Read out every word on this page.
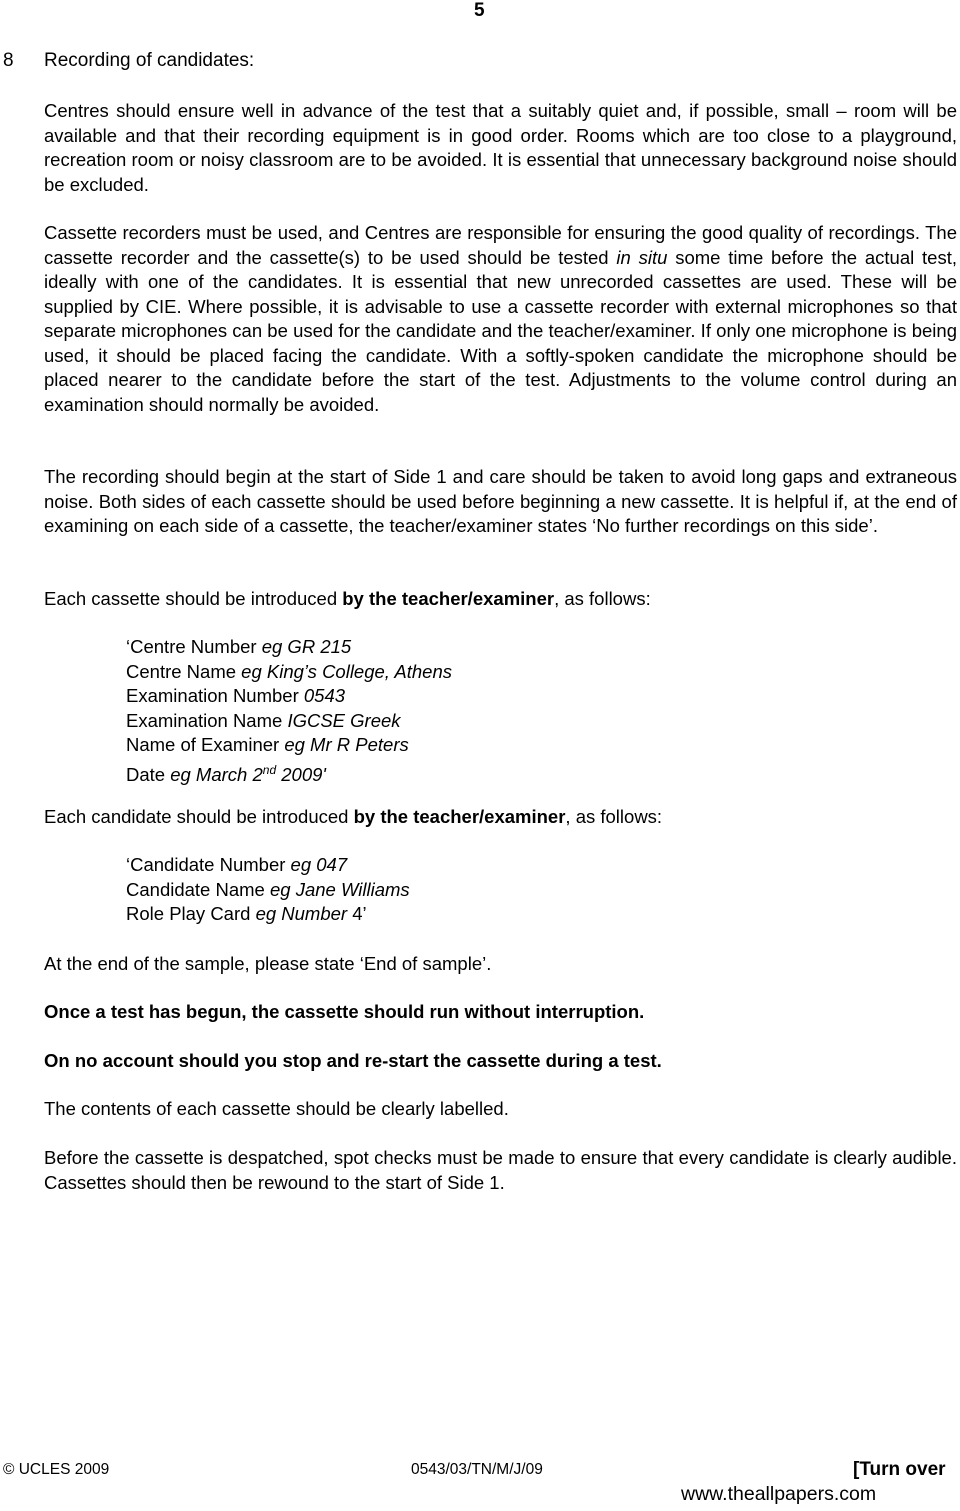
5
8 Recording of candidates:

Centres should ensure well in advance of the test that a suitably quiet and, if possible, small – room will be available and that their recording equipment is in good order. Rooms which are too close to a playground, recreation room or noisy classroom are to be avoided. It is essential that unnecessary background noise should be excluded.

Cassette recorders must be used, and Centres are responsible for ensuring the good quality of recordings. The cassette recorder and the cassette(s) to be used should be tested in situ some time before the actual test, ideally with one of the candidates. It is essential that new unrecorded cassettes are used. These will be supplied by CIE. Where possible, it is advisable to use a cassette recorder with external microphones so that separate microphones can be used for the candidate and the teacher/examiner. If only one microphone is being used, it should be placed facing the candidate. With a softly-spoken candidate the microphone should be placed nearer to the candidate before the start of the test. Adjustments to the volume control during an examination should normally be avoided.

The recording should begin at the start of Side 1 and care should be taken to avoid long gaps and extraneous noise. Both sides of each cassette should be used before beginning a new cassette. It is helpful if, at the end of examining on each side of a cassette, the teacher/examiner states ‘No further recordings on this side’.

Each cassette should be introduced by the teacher/examiner, as follows:

‘Centre Number eg GR 215
Centre Name eg King’s College, Athens
Examination Number 0543
Examination Name IGCSE Greek
Name of Examiner eg Mr R Peters
Date eg March 2nd 2009'

Each candidate should be introduced by the teacher/examiner, as follows:

‘Candidate Number eg 047
Candidate Name eg Jane Williams
Role Play Card eg Number 4’

At the end of the sample, please state ‘End of sample’.

Once a test has begun, the cassette should run without interruption.

On no account should you stop and re-start the cassette during a test.

The contents of each cassette should be clearly labelled.

Before the cassette is despatched, spot checks must be made to ensure that every candidate is clearly audible. Cassettes should then be rewound to the start of Side 1.

© UCLES 2009	0543/03/TN/M/J/09	[Turn over
www.theallpapers.com
